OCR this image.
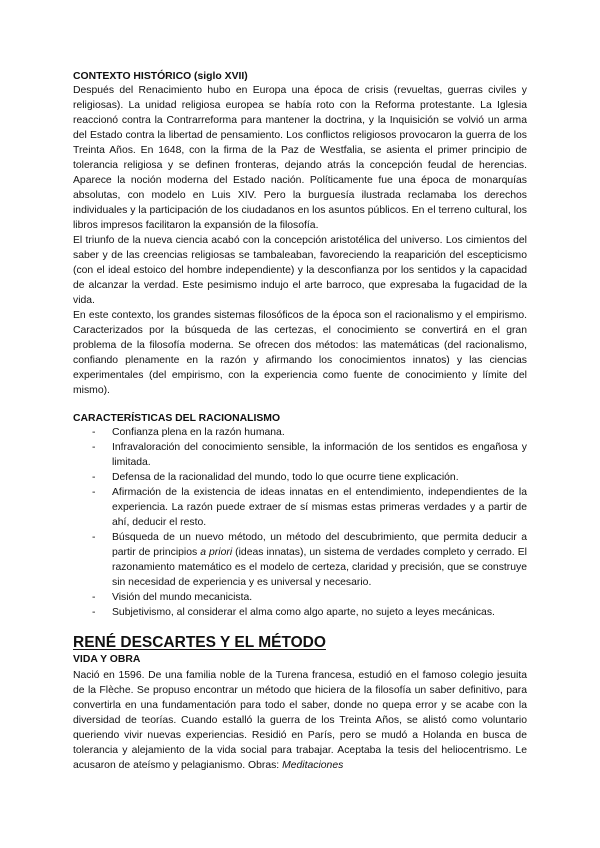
CONTEXTO HISTÓRICO (siglo XVII)

Después del Renacimiento hubo en Europa una época de crisis (revueltas, guerras civiles y religiosas). La unidad religiosa europea se había roto con la Reforma protestante. La Iglesia reaccionó contra la Contrarreforma para mantener la doctrina, y la Inquisición se volvió un arma del Estado contra la libertad de pensamiento. Los conflictos religiosos provocaron la guerra de los Treinta Años. En 1648, con la firma de la Paz de Westfalia, se asienta el primer principio de tolerancia religiosa y se definen fronteras, dejando atrás la concepción feudal de herencias. Aparece la noción moderna del Estado nación. Políticamente fue una época de monarquías absolutas, con modelo en Luis XIV. Pero la burguesía ilustrada reclamaba los derechos individuales y la participación de los ciudadanos en los asuntos públicos. En el terreno cultural, los libros impresos facilitaron la expansión de la filosofía.

El triunfo de la nueva ciencia acabó con la concepción aristotélica del universo. Los cimientos del saber y de las creencias religiosas se tambaleaban, favoreciendo la reaparición del escepticismo (con el ideal estoico del hombre independiente) y la desconfianza por los sentidos y la capacidad de alcanzar la verdad. Este pesimismo indujo el arte barroco, que expresaba la fugacidad de la vida.

En este contexto, los grandes sistemas filosóficos de la época son el racionalismo y el empirismo. Caracterizados por la búsqueda de las certezas, el conocimiento se convertirá en el gran problema de la filosofía moderna. Se ofrecen dos métodos: las matemáticas (del racionalismo, confiando plenamente en la razón y afirmando los conocimientos innatos) y las ciencias experimentales (del empirismo, con la experiencia como fuente de conocimiento y límite del mismo).

CARACTERÍSTICAS DEL RACIONALISMO

- Confianza plena en la razón humana.
- Infravaloración del conocimiento sensible, la información de los sentidos es engañosa y limitada.
- Defensa de la racionalidad del mundo, todo lo que ocurre tiene explicación.
- Afirmación de la existencia de ideas innatas en el entendimiento, independientes de la experiencia. La razón puede extraer de sí mismas estas primeras verdades y a partir de ahí, deducir el resto.
- Búsqueda de un nuevo método, un método del descubrimiento, que permita deducir a partir de principios a priori (ideas innatas), un sistema de verdades completo y cerrado. El razonamiento matemático es el modelo de certeza, claridad y precisión, que se construye sin necesidad de experiencia y es universal y necesario.
- Visión del mundo mecanicista.
- Subjetivismo, al considerar el alma como algo aparte, no sujeto a leyes mecánicas.

RENÉ DESCARTES Y EL MÉTODO

VIDA Y OBRA

Nació en 1596. De una familia noble de la Turena francesa, estudió en el famoso colegio jesuita de la Flèche. Se propuso encontrar un método que hiciera de la filosofía un saber definitivo, para convertirla en una fundamentación para todo el saber, donde no quepa error y se acabe con la diversidad de teorías. Cuando estalló la guerra de los Treinta Años, se alistó como voluntario queriendo vivir nuevas experiencias. Residió en París, pero se mudó a Holanda en busca de tolerancia y alejamiento de la vida social para trabajar. Aceptaba la tesis del heliocentrismo. Le acusaron de ateísmo y pelagianismo. Obras: Meditaciones
